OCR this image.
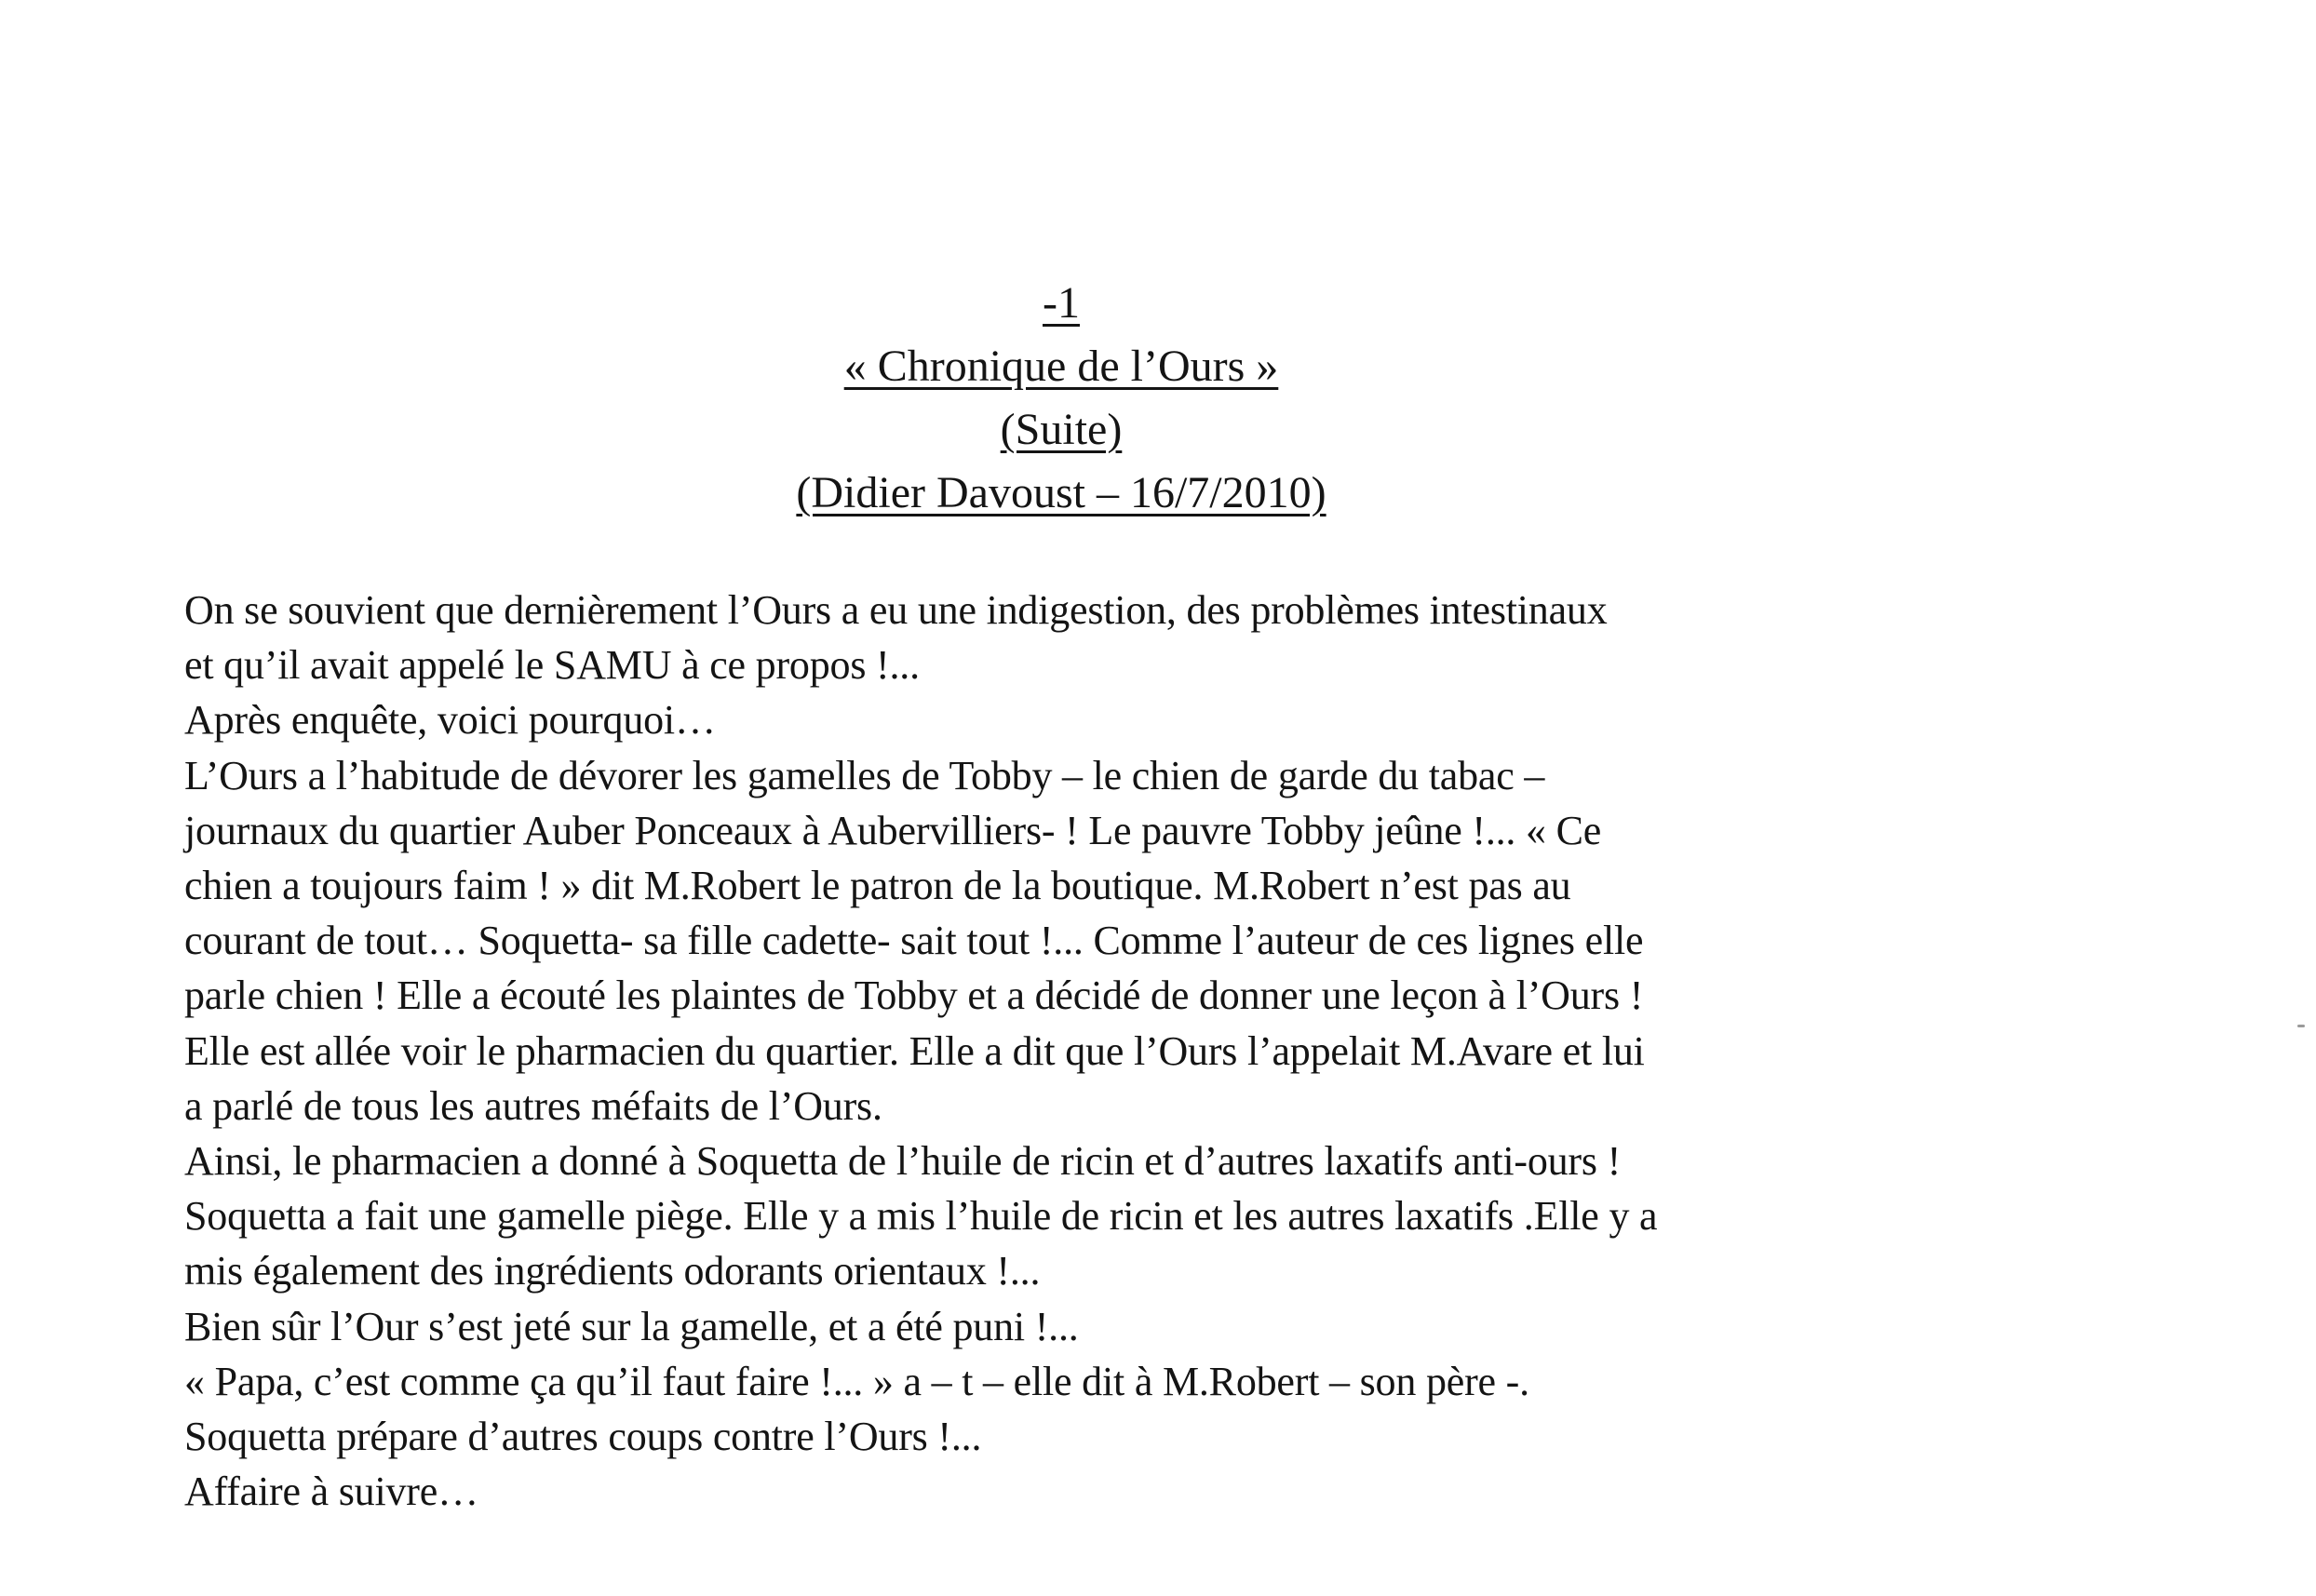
-1
« Chronique de l’Ours »
(Suite)
(Didier Davoust – 16/7/2010)
On se souvient que dernièrement l’Ours a eu une indigestion, des problèmes intestinaux
et qu’il avait appelé le SAMU à ce propos !...
Après enquête, voici pourquoi…
L’Ours a l’habitude de dévorer les gamelles de Tobby – le chien de garde du tabac –
journaux du quartier Auber Ponceaux à Aubervilliers- ! Le pauvre Tobby jeûne !... « Ce
chien a toujours faim ! » dit M.Robert le patron de la boutique. M.Robert n’est pas au
courant de tout… Soquetta- sa fille cadette- sait tout !... Comme l’auteur de ces lignes elle
parle chien ! Elle a écouté les plaintes de Tobby et a décidé de donner une leçon à l’Ours !
Elle est allée voir le pharmacien du quartier. Elle a dit que l’Ours l’appelait M.Avare et lui
a parlé de tous les autres méfaits de l’Ours.
Ainsi, le pharmacien a donné à Soquetta de l’huile de ricin et d’autres laxatifs anti-ours !
Soquetta a fait une gamelle piège. Elle y a mis l’huile de ricin et les autres laxatifs .Elle y a
mis également des ingrédients odorants orientaux !...
Bien sûr l’Our s’est jeté sur la gamelle, et a été puni !...
« Papa, c’est comme ça qu’il faut faire !... » a – t – elle dit à M.Robert – son père -.
Soquetta prépare d’autres coups contre l’Ours !...
Affaire à suivre…
